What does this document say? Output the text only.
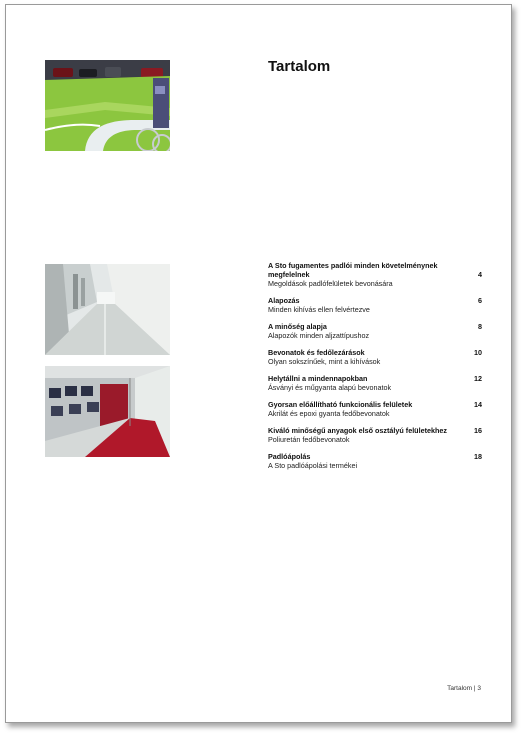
Tartalom
A Sto fugamentes padlói minden követelménynek megfelelnek
Megoldások padlófelületek bevonására
4
Alapozás
Minden kihívás ellen felvértezve
6
A minőség alapja
Alapozók minden aljzattípushoz
8
Bevonatok és fedőlezárások
Olyan sokszínűek, mint a kihívások
10
Helytállni a mindennapokban
Ásványi és műgyanta alapú bevonatok
12
Gyorsan előállítható funkcionális felületek
Akrilát és epoxi gyanta fedőbevonatok
14
Kiváló minőségű anyagok első osztályú felületekhez
Poliuretán fedőbevonatok
16
Padlóápolás
A Sto padlóápolási termékei
18
Tartalom | 3
